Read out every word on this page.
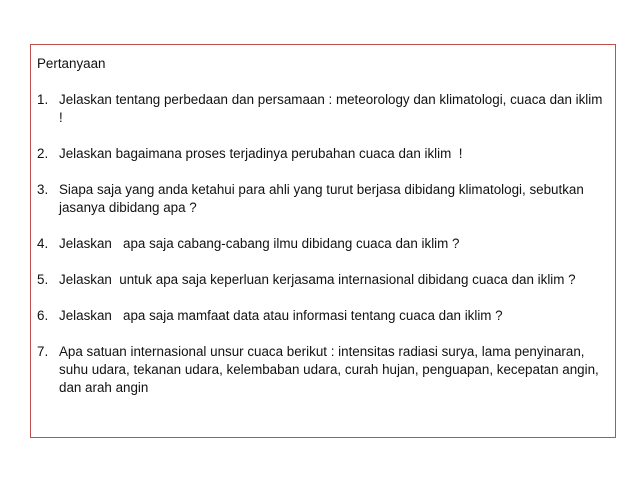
Pertanyaan
1. Jelaskan tentang perbedaan dan persamaan : meteorology dan klimatologi, cuaca dan iklim !
2. Jelaskan bagaimana proses terjadinya perubahan cuaca dan iklim  !
3. Siapa saja yang anda ketahui para ahli yang turut berjasa dibidang klimatologi, sebutkan jasanya dibidang apa ?
4. Jelaskan   apa saja cabang-cabang ilmu dibidang cuaca dan iklim ?
5. Jelaskan  untuk apa saja keperluan kerjasama internasional dibidang cuaca dan iklim ?
6. Jelaskan   apa saja mamfaat data atau informasi tentang cuaca dan iklim ?
7. Apa satuan internasional unsur cuaca berikut : intensitas radiasi surya, lama penyinaran, suhu udara, tekanan udara, kelembaban udara, curah hujan, penguapan, kecepatan angin, dan arah angin
